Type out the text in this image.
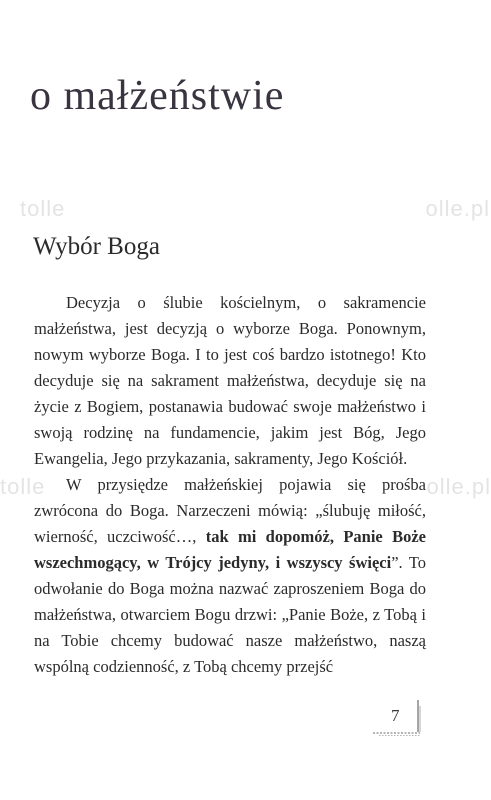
tolle	olle.pl
tolle	olle.pl
o małżeństwie
Wybór Boga

Decyzja o ślubie kościelnym, o sakramencie małżeństwa, jest decyzją o wyborze Boga. Ponownym, nowym wyborze Boga. I to jest coś bardzo istotnego! Kto decyduje się na sakrament małżeństwa, decyduje się na życie z Bogiem, postanawia budować swoje małżeństwo i swoją rodzinę na fundamencie, jakim jest Bóg, Jego Ewangelia, Jego przykazania, sakramenty, Jego Kościół.

W przysiędze małżeńskiej pojawia się prośba zwrócona do Boga. Narzeczeni mówią: „ślubuję miłość, wierność, uczciwość…, tak mi dopomóż, Panie Boże wszechmogący, w Trójcy jedyny, i wszyscy święci”. To odwołanie do Boga można nazwać zaproszeniem Boga do małżeństwa, otwarciem Bogu drzwi: „Panie Boże, z Tobą i na Tobie chcemy budować nasze małżeństwo, naszą wspólną codzienność, z Tobą chcemy przejść

7
